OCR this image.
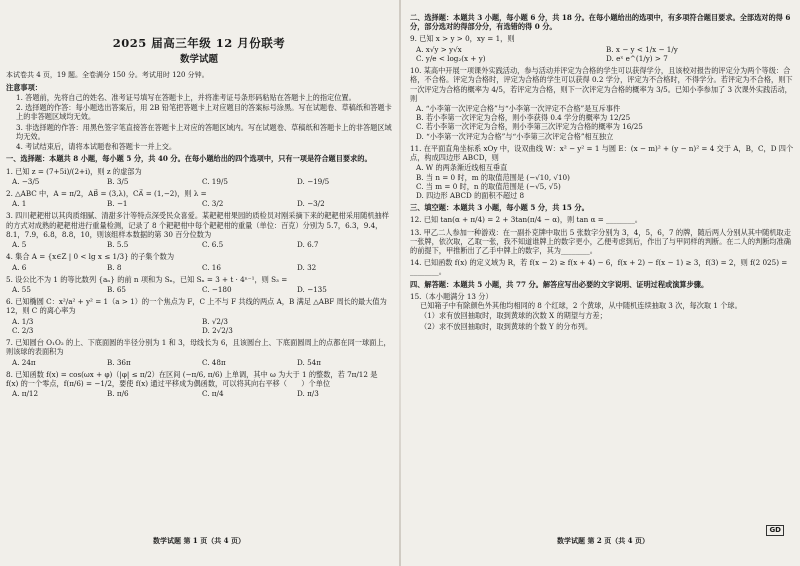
2025 届高三年级 12 月份联考
数学试题

本试卷共 4 页，19 题。全卷满分 150 分。考试用时 120 分钟。

注意事项：

1. 答题前，先将自己的姓名、准考证号填写在答题卡上，并将准考证号条形码粘贴在答题卡上的指定位置。

2. 选择题的作答：每小题选出答案后，用 2B 铅笔把答题卡上对应题目的答案标号涂黑。写在试题卷、草稿纸和答题卡上的非答题区域均无效。

3. 非选择题的作答：用黑色签字笔直接答在答题卡上对应的答题区域内。写在试题卷、草稿纸和答题卡上的非答题区域均无效。

4. 考试结束后，请将本试题卷和答题卡一并上交。

一、选择题：本题共 8 小题，每小题 5 分，共 40 分。在每小题给出的四个选项中，只有一项是符合题目要求的。

1. 已知 z = (7+5i)/(2+i)，则 z 的虚部为
A. −3/5	B. 3/5	C. 19/5	D. −19/5
2. △ABC 中，A = π/2，AB⃗ = (3,λ)，CA⃗ = (1,−2)，则 λ =
A. 1	B. −1	C. 3/2	D. −3/2
3. 四川耙耙柑以其肉质细腻、清甜多汁等特点深受民众喜爱。某耙耙柑果园的质检员对刚采摘下来的耙耙柑采用随机抽样的方式对成熟的耙耙柑进行重量检测，记录了 8 个耙耙柑中每个耙耙柑的重量（单位：百克）分别为 5.7，6.3，9.4，8.1，7.9，6.8，8.8，10，则该组样本数据的第 30 百分位数为
A. 5	B. 5.5	C. 6.5	D. 6.7
4. 集合 A = {x∈Z | 0 < lg x ≤ 1/3} 的子集个数为
A. 6	B. 8	C. 16	D. 32
5. 设公比不为 1 的等比数列 {aₙ} 的前 n 项和为 Sₙ，已知 Sₙ = 3 + t · 4ⁿ⁻¹，则 S₃ =
A. 55	B. 65	C. −180	D. −135
6. 已知椭圆 C：x²/a² + y² = 1（a > 1）的一个焦点为 F，C 上不与 F 共线的两点 A，B 满足 △ABF 周长的最大值为 12，则 C 的离心率为
A. 1/3	B. √2/3
C. 2/3	D. 2√2/3
7. 已知圆台 O₁O₂ 的上、下底面圆的半径分别为 1 和 3，母线长为 6，且该圆台上、下底面圆周上的点都在同一球面上，则该球的表面积为
A. 24π	B. 36π	C. 48π	D. 54π
8. 已知函数 f(x) = cos(ωx + φ)（|φ| ≤ π/2）在区间 (−π/6, π/6) 上单调，其中 ω 为大于 1 的整数，若 7π/12 是 f(x) 的一个零点，f(π/6) = −1/2，要使 f(x) 通过平移成为偶函数，可以将其向右平移（　　）个单位
A. π/12	B. π/6	C. π/4	D. π/3
数学试题 第 1 页（共 4 页）

二、选择题：本题共 3 小题，每小题 6 分，共 18 分。在每小题给出的选项中，有多项符合题目要求。全部选对的得 6 分，部分选对的得部分分，有选错的得 0 分。

9. 已知 x > y > 0，xy = 1，则
A. x√y > y√x	B. x − y < 1/x − 1/y
C. y/e < log₂(x + y)	D. eˣ e^(1/y) > 7
10. 某高中开展一项课外实践活动，参与活动并评定为合格的学生可以获得学分，且该校对报告的评定分为两个等级：合格，不合格。评定为合格时，评定为合格的学生可以获得 0.2 学分，评定为不合格时，不得学分。若评定为不合格，则下一次评定为合格的概率为 4/5，若评定为合格，则下一次评定为合格的概率为 3/5。已知小李参加了 3 次课外实践活动，则
A. “小李第一次评定合格”与“小李第一次评定不合格”是互斥事件
B. 若小李第一次评定为合格，则小李获得 0.4 学分的概率为 12/25
C. 若小李第一次评定为合格，则小李第三次评定为合格的概率为 16/25
D. “小李第一次评定为合格”与“小李第三次评定合格”相互独立
11. 在平面直角坐标系 xOy 中，设双曲线 W：x² − y² = 1 与圆 E：(x − m)² + (y − n)² = 4 交于 A，B，C，D 四个点，构成四边形 ABCD，则
A. W 的两条渐近线相互垂直
B. 当 n = 0 时，m 的取值范围是 (−√10, √10)
C. 当 m = 0 时，n 的取值范围是 (−√5, √5)
D. 四边形 ABCD 的面积不超过 8

三、填空题：本题共 3 小题，每小题 5 分，共 15 分。

12. 已知 tan(α + π/4) = 2 + 3tan(π/4 − α)，则 tan α = ________。
13. 甲乙二人参加一种游戏：在一副扑克牌中取出 5 张数字分别为 3，4，5，6，7 的牌，随后两人分别从其中随机取走一张牌，依次取，乙取一张，我不知道谁牌上的数字更小，乙便考虑到后，作出了与甲同样的判断。在二人的判断均准确的前提下，甲推断出了乙手中牌上的数字，其为________。
14. 已知函数 f(x) 的定义域为 R，若 f(x − 2) ≥ f(x + 4) − 6，f(x + 2) − f(x − 1) ≥ 3，f(3) = 2，则 f(2 025) = ________。

四、解答题：本题共 5 小题，共 77 分。解答应写出必要的文字说明、证明过程或演算步骤。

15.（本小题满分 13 分）
已知箱子中有除颜色外其他均相同的 8 个红球，2 个黄球，从中随机连续抽取 3 次，每次取 1 个球。
（1）求有放回抽取时，取到黄球的次数 X 的期望与方差；
（2）求不放回抽取时，取到黄球的个数 Y 的分布列。
数学试题 第 2 页（共 4 页）
GD
